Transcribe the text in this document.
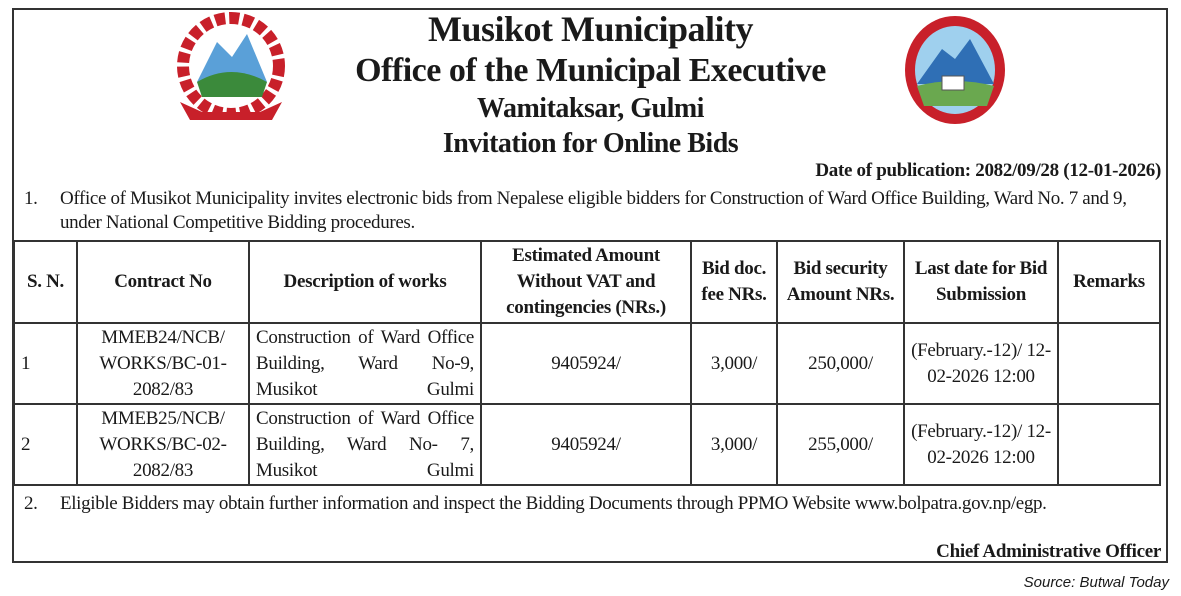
Musikot Municipality
Office of the Municipal Executive
Wamitaksar, Gulmi
Invitation for Online Bids
Date of publication: 2082/09/28 (12-01-2026)
1. Office of Musikot Municipality invites electronic bids from Nepalese eligible bidders for Construction of Ward Office Building, Ward No. 7 and 9, under National Competitive Bidding procedures.
S. N.	Contract No	Description of works	Estimated Amount Without VAT and contingencies (NRs.)	Bid doc. fee NRs.	Bid security Amount NRs.	Last date for Bid Submission	Remarks
1	MMEB24/NCB/ WORKS/BC-01-2082/83	Construction of Ward Office Building, Ward No-9, Musikot Gulmi	9405924/	3,000/	250,000/	(February.-12)/ 12-02-2026 12:00	
2	MMEB25/NCB/ WORKS/BC-02-2082/83	Construction of Ward Office Building, Ward No- 7, Musikot Gulmi	9405924/	3,000/	255,000/	(February.-12)/ 12-02-2026 12:00	
2. Eligible Bidders may obtain further information and inspect the Bidding Documents through PPMO Website www.bolpatra.gov.np/egp.
Chief Administrative Officer
Source: Butwal Today
